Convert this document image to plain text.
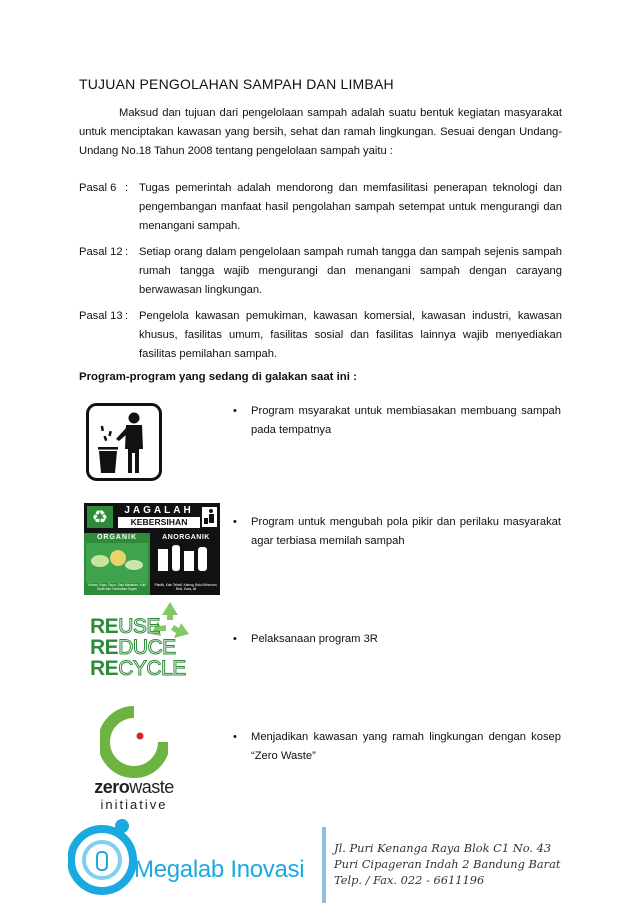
TUJUAN PENGOLAHAN SAMPAH DAN LIMBAH

Maksud dan tujuan dari pengelolaan sampah adalah suatu bentuk kegiatan masyarakat untuk menciptakan kawasan yang bersih, sehat dan ramah lingkungan. Sesuai dengan Undang-Undang No.18 Tahun 2008 tentang pengelolaan sampah yaitu :

Pasal 6 : Tugas pemerintah adalah mendorong dan memfasilitasi penerapan teknologi dan pengembangan manfaat hasil pengolahan sampah setempat untuk mengurangi dan menangani sampah.
Pasal 12 : Setiap orang dalam pengelolaan sampah rumah tangga dan sampah sejenis sampah rumah tangga wajib mengurangi dan menangani sampah dengan carayang berwawasan lingkungan.
Pasal 13 : Pengelola kawasan pemukiman, kawasan komersial, kawasan industri, kawasan khusus, fasilitas umum, fasilitas sosial dan fasilitas lainnya wajib menyediakan fasilitas pemilahan sampah.
Program-program yang sedang di galakan saat ini :
♻	JAGALAH
KEBERSIHAN
ORGANIK	ANORGANIK
Kertas, Kayu, Daun, Sisa Makanan, Kulit Buah dan Tumbuhan Organ
Plastik, Kain Tekstil, Kaleng, Botol Minuman, Besi, Kaca, dll
REUSE
REDUCE
RECYCLE
zerowaste
initiative
• Program msyarakat untuk membiasakan membuang sampah pada tempatnya
• Program untuk mengubah pola pikir dan perilaku masyarakat agar terbiasa memilah sampah
• Pelaksanaan program 3R
• Menjadikan kawasan yang ramah lingkungan dengan kosep “Zero Waste”
Megalab Inovasi
Jl. Puri Kenanga Raya Blok C1 No. 43
Puri Cipageran Indah 2 Bandung Barat
Telp. / Fax. 022 - 6611196
